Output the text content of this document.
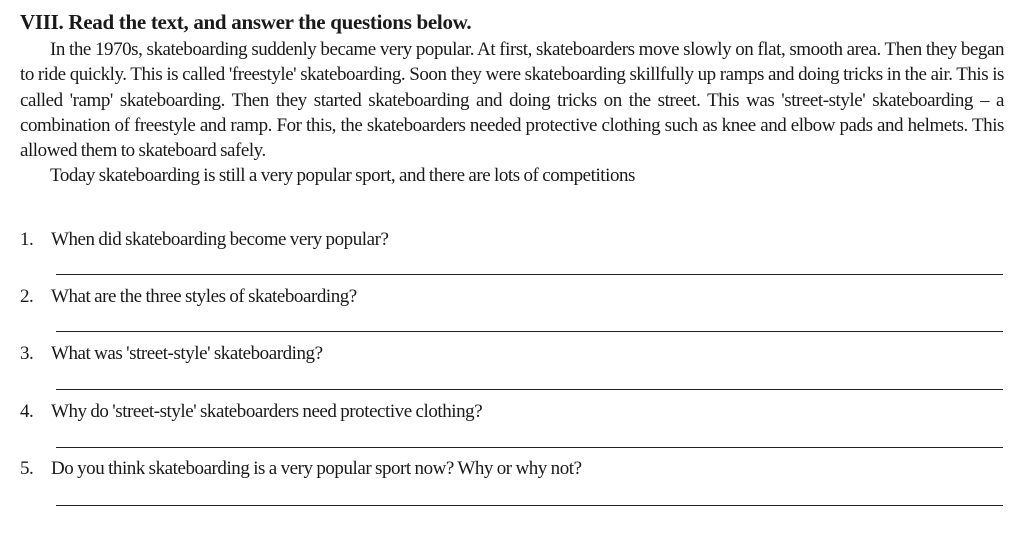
VIII. Read the text, and answer the questions below.

In the 1970s, skateboarding suddenly became very popular. At first, skateboarders move slowly on flat, smooth area. Then they began to ride quickly. This is called 'freestyle' skateboarding. Soon they were skateboarding skillfully up ramps and doing tricks in the air. This is called 'ramp' skateboarding. Then they started skateboarding and doing tricks on the street. This was 'street-style' skateboarding – a combination of freestyle and ramp. For this, the skateboarders needed protective clothing such as knee and elbow pads and helmets. This allowed them to skateboard safely.

Today skateboarding is still a very popular sport, and there are lots of competitions

1. When did skateboarding become very popular?
2. What are the three styles of skateboarding?
3. What was 'street-style' skateboarding?
4. Why do 'street-style' skateboarders need protective clothing?
5. Do you think skateboarding is a very popular sport now? Why or why not?
